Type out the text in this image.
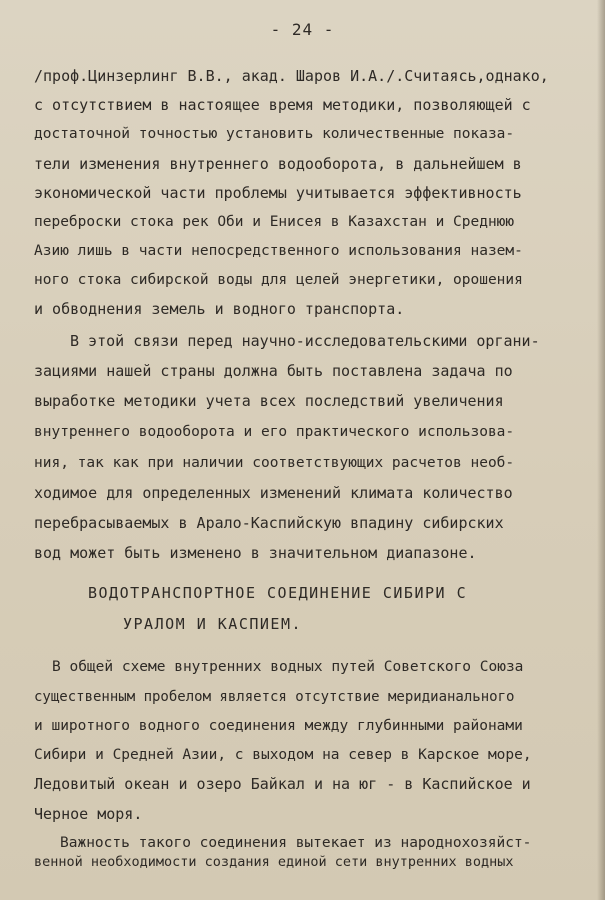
- 24 -
/проф.Цинзерлинг В.В., акад. Шаров И.А./.Считаясь,однако,
с отсутствием в настоящее время методики, позволяющей с
достаточной точностью установить количественные показа-
тели изменения внутреннего водооборота, в дальнейшем в
экономической части проблемы учитывается эффективность
переброски стока рек Оби и Енисея в Казахстан и Среднюю
Азию лишь в части непосредственного использования назем-
ного стока сибирской воды для целей энергетики, орошения
и обводнения земель и водного транспорта.
В этой связи перед научно-исследовательскими органи-
зациями нашей страны должна быть поставлена задача по
выработке методики учета всех последствий увеличения
внутреннего водооборота и его практического использова-
ния, так как при наличии соответствующих расчетов необ-
ходимое для определенных изменений климата количество
перебрасываемых в Арало-Каспийскую впадину сибирских
вод может быть изменено в значительном диапазоне.
ВОДОТРАНСПОРТНОЕ СОЕДИНЕНИЕ СИБИРИ С
УРАЛОМ И КАСПИЕМ.
В общей схеме внутренних водных путей Советского Союза
существенным пробелом является отсутствие меридианального
и широтного водного соединения между глубинными районами
Сибири и Средней Азии, с выходом на север в Карское море,
Ледовитый океан и озеро Байкал и на юг - в Каспийское и
Черное моря.
Важность такого соединения вытекает из народнохозяйст-
венной необходимости создания единой сети внутренних водных
